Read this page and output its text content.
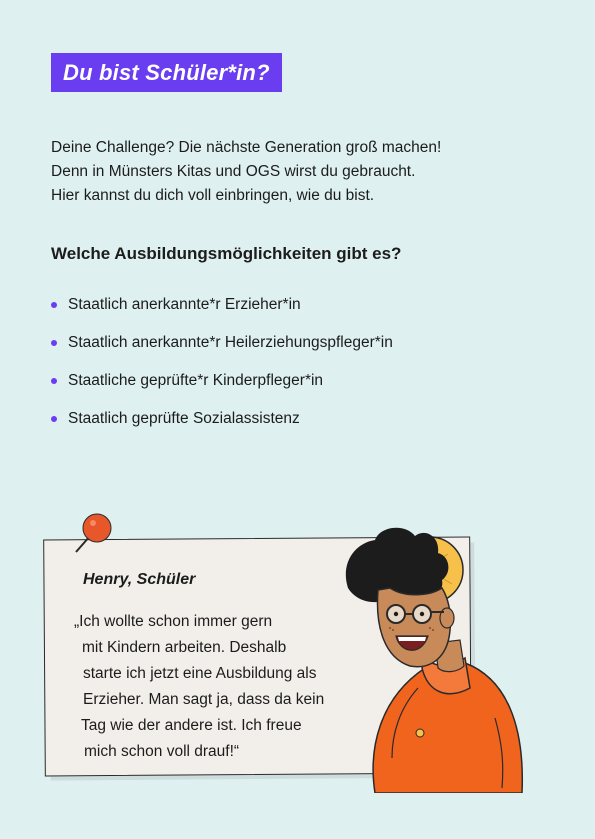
Du bist Schüler*in?
Deine Challenge? Die nächste Generation groß machen!
Denn in Münsters Kitas und OGS wirst du gebraucht.
Hier kannst du dich voll einbringen, wie du bist.
Welche Ausbildungsmöglichkeiten gibt es?
Staatlich anerkannte*r Erzieher*in
Staatlich anerkannte*r Heilerziehungspfleger*in
Staatliche geprüfte*r Kinderpfleger*in
Staatlich geprüfte Sozialassistenz
Henry, Schüler
„Ich wollte schon immer gern
mit Kindern arbeiten. Deshalb
starte ich jetzt eine Ausbildung als
Erzieher. Man sagt ja, dass da kein
Tag wie der andere ist. Ich freue
mich schon voll drauf!“
